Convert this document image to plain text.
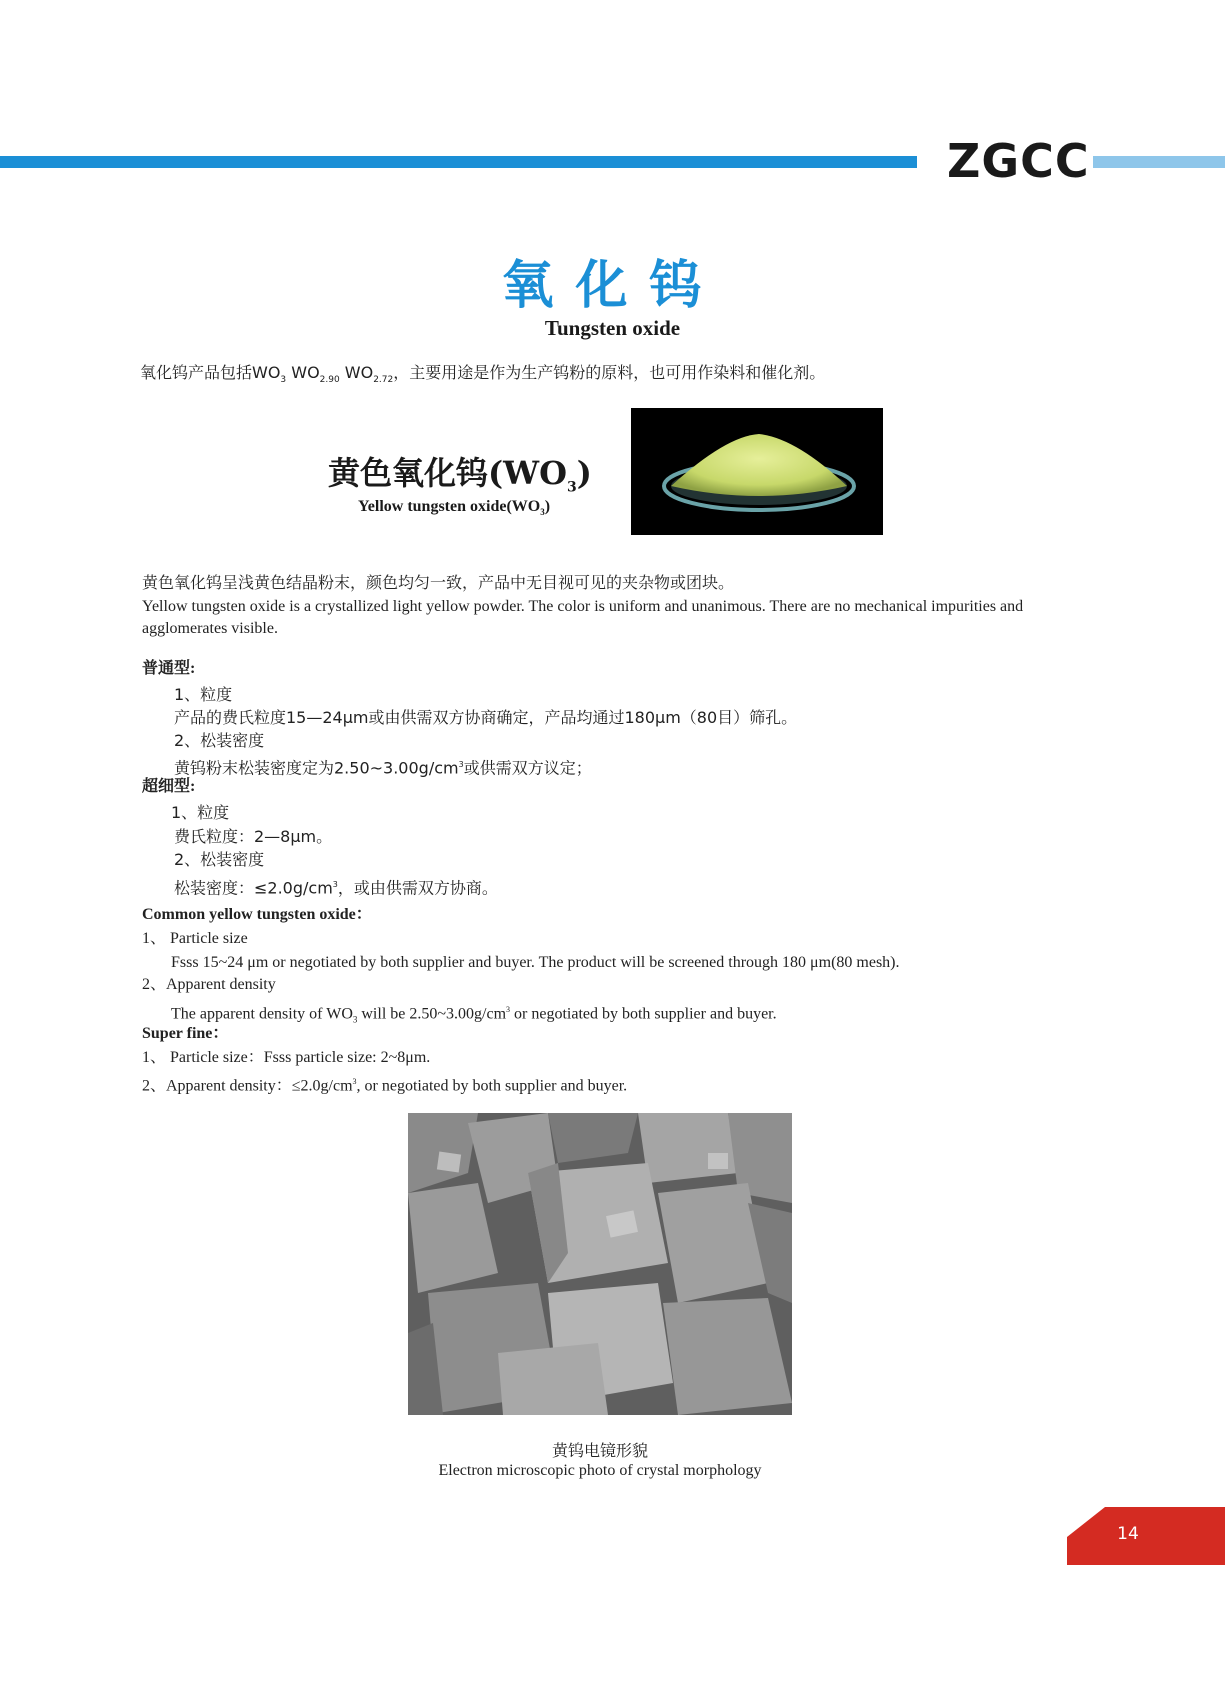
ZGCC
氧化钨
Tungsten oxide
氧化钨产品包括$WO_3$ $WO_{2.90}$ $WO_{2.72}$，主要用途是作为生产钨粉的原料，也可用作染料和催化剂。
黄色氧化钨$(WO_3)$
Yellow tungsten $oxide(WO_3)$
黄色氧化钨呈浅黄色结晶粉末，颜色均匀一致，产品中无目视可见的夹杂物或团块。
Yellow tungsten oxide is a crystallized light yellow powder. The color is uniform and unanimous. There are no mechanical impurities and
agglomerates visible.
普通型:
1、粒度
产品的费氏粒度15—24μm或由供需双方协商确定，产品均通过180μm（80目）筛孔。
2、松装密度
黄钨粉末松装密度定为$2.50\sim 3.00g/cm^3$或供需双方议定；
超细型:
1、粒度
费氏粒度：2—8μm。
2、松装密度
松装密度：$\le 2.0g/cm^3$，或由供需双方协商。
Common yellow tungsten oxide：
1、 Particle size
Fsss 15~24 μm or negotiated by both supplier and buyer. The product will be screened through 180 μm(80 mesh).
2、Apparent density
The apparent density of $WO_3$ will be $2.50\sim 3.00g/cm^3$ or negotiated by both supplier and buyer.
Super fine：
1、 Particle size：Fsss particle size: 2~8μm.
2、Apparent density：$\le 2.0g/cm^3$, or negotiated by both supplier and buyer.
黄钨电镜形貌
Electron microscopic photo of crystal morphology
14
